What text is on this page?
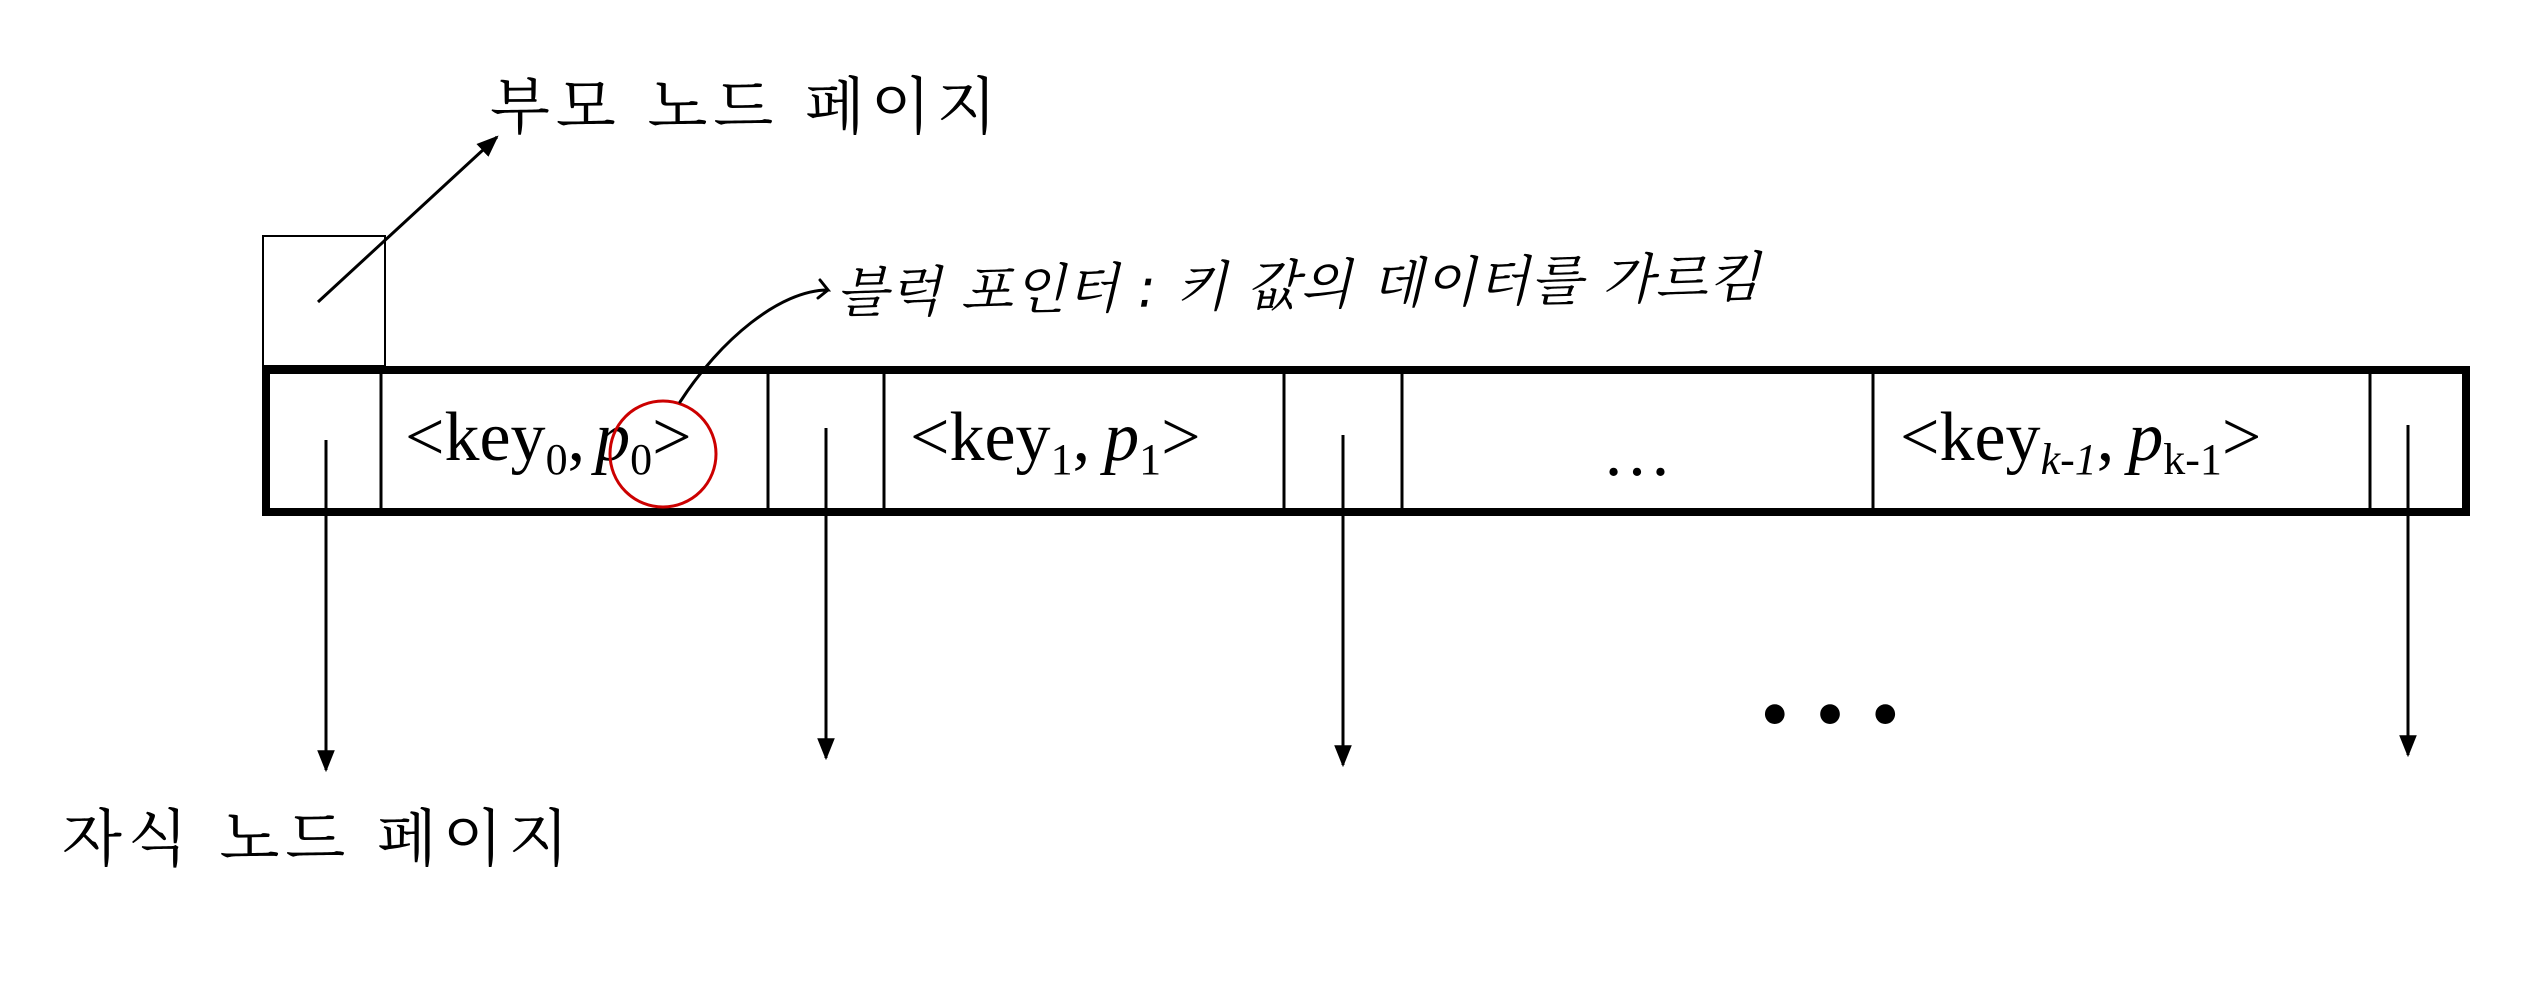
부모 노드 페이지
<key$_0$, $p_0>$	<key$_1$, $p_1>$	…	<key$_{k-1}$, $p_{k-1}>$
블럭 포인터 : 키 값의 데이터를 가르킴
• • •
자식 노드 페이지
